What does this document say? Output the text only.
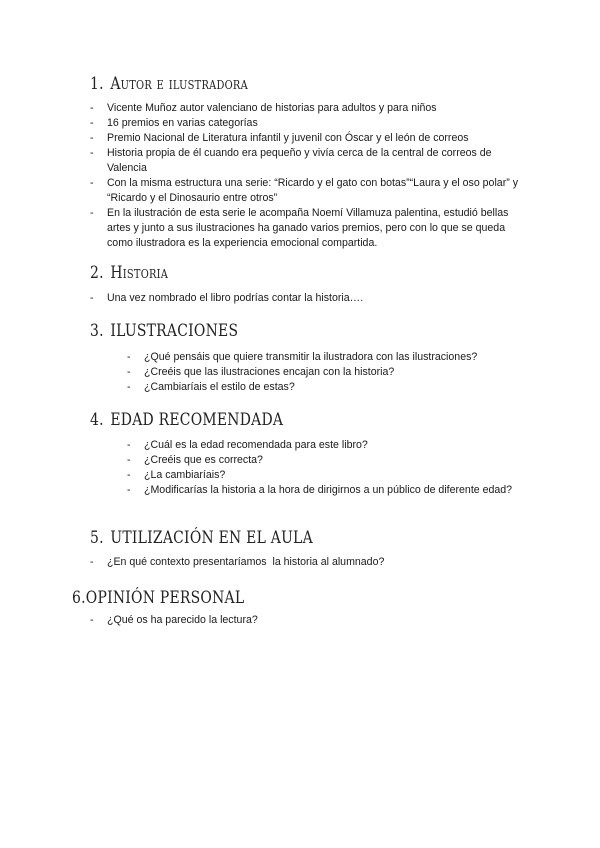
1. Autor e ilustradora
- Vicente Muñoz autor valenciano de historias para adultos y para niños
- 16 premios en varias categorías
- Premio Nacional de Literatura infantil y juvenil con Óscar y el león de correos
- Historia propia de él cuando era pequeño y vivía cerca de la central de correos de Valencia
- Con la misma estructura una serie: “Ricardo y el gato con botas”“Laura y el oso polar” y “Ricardo y el Dinosaurio entre otros”
- En la ilustración de esta serie le acompaña Noemí Villamuza palentina, estudió bellas artes y junto a sus ilustraciones ha ganado varios premios, pero con lo que se queda como ilustradora es la experiencia emocional compartida.
2. Historia
- Una vez nombrado el libro podrías contar la historia….
3. ILUSTRACIONES
- ¿Qué pensáis que quiere transmitir la ilustradora con las ilustraciones?
- ¿Creéis que las ilustraciones encajan con la historia?
- ¿Cambiaríais el estilo de estas?
4. EDAD RECOMENDADA
- ¿Cuál es la edad recomendada para este libro?
- ¿Creéis que es correcta?
- ¿La cambiaríais?
- ¿Modificarías la historia a la hora de dirigirnos a un público de diferente edad?
5. UTILIZACIÓN EN EL AULA
- ¿En qué contexto presentaríamos  la historia al alumnado?
6.OPINIÓN PERSONAL
- ¿Qué os ha parecido la lectura?
